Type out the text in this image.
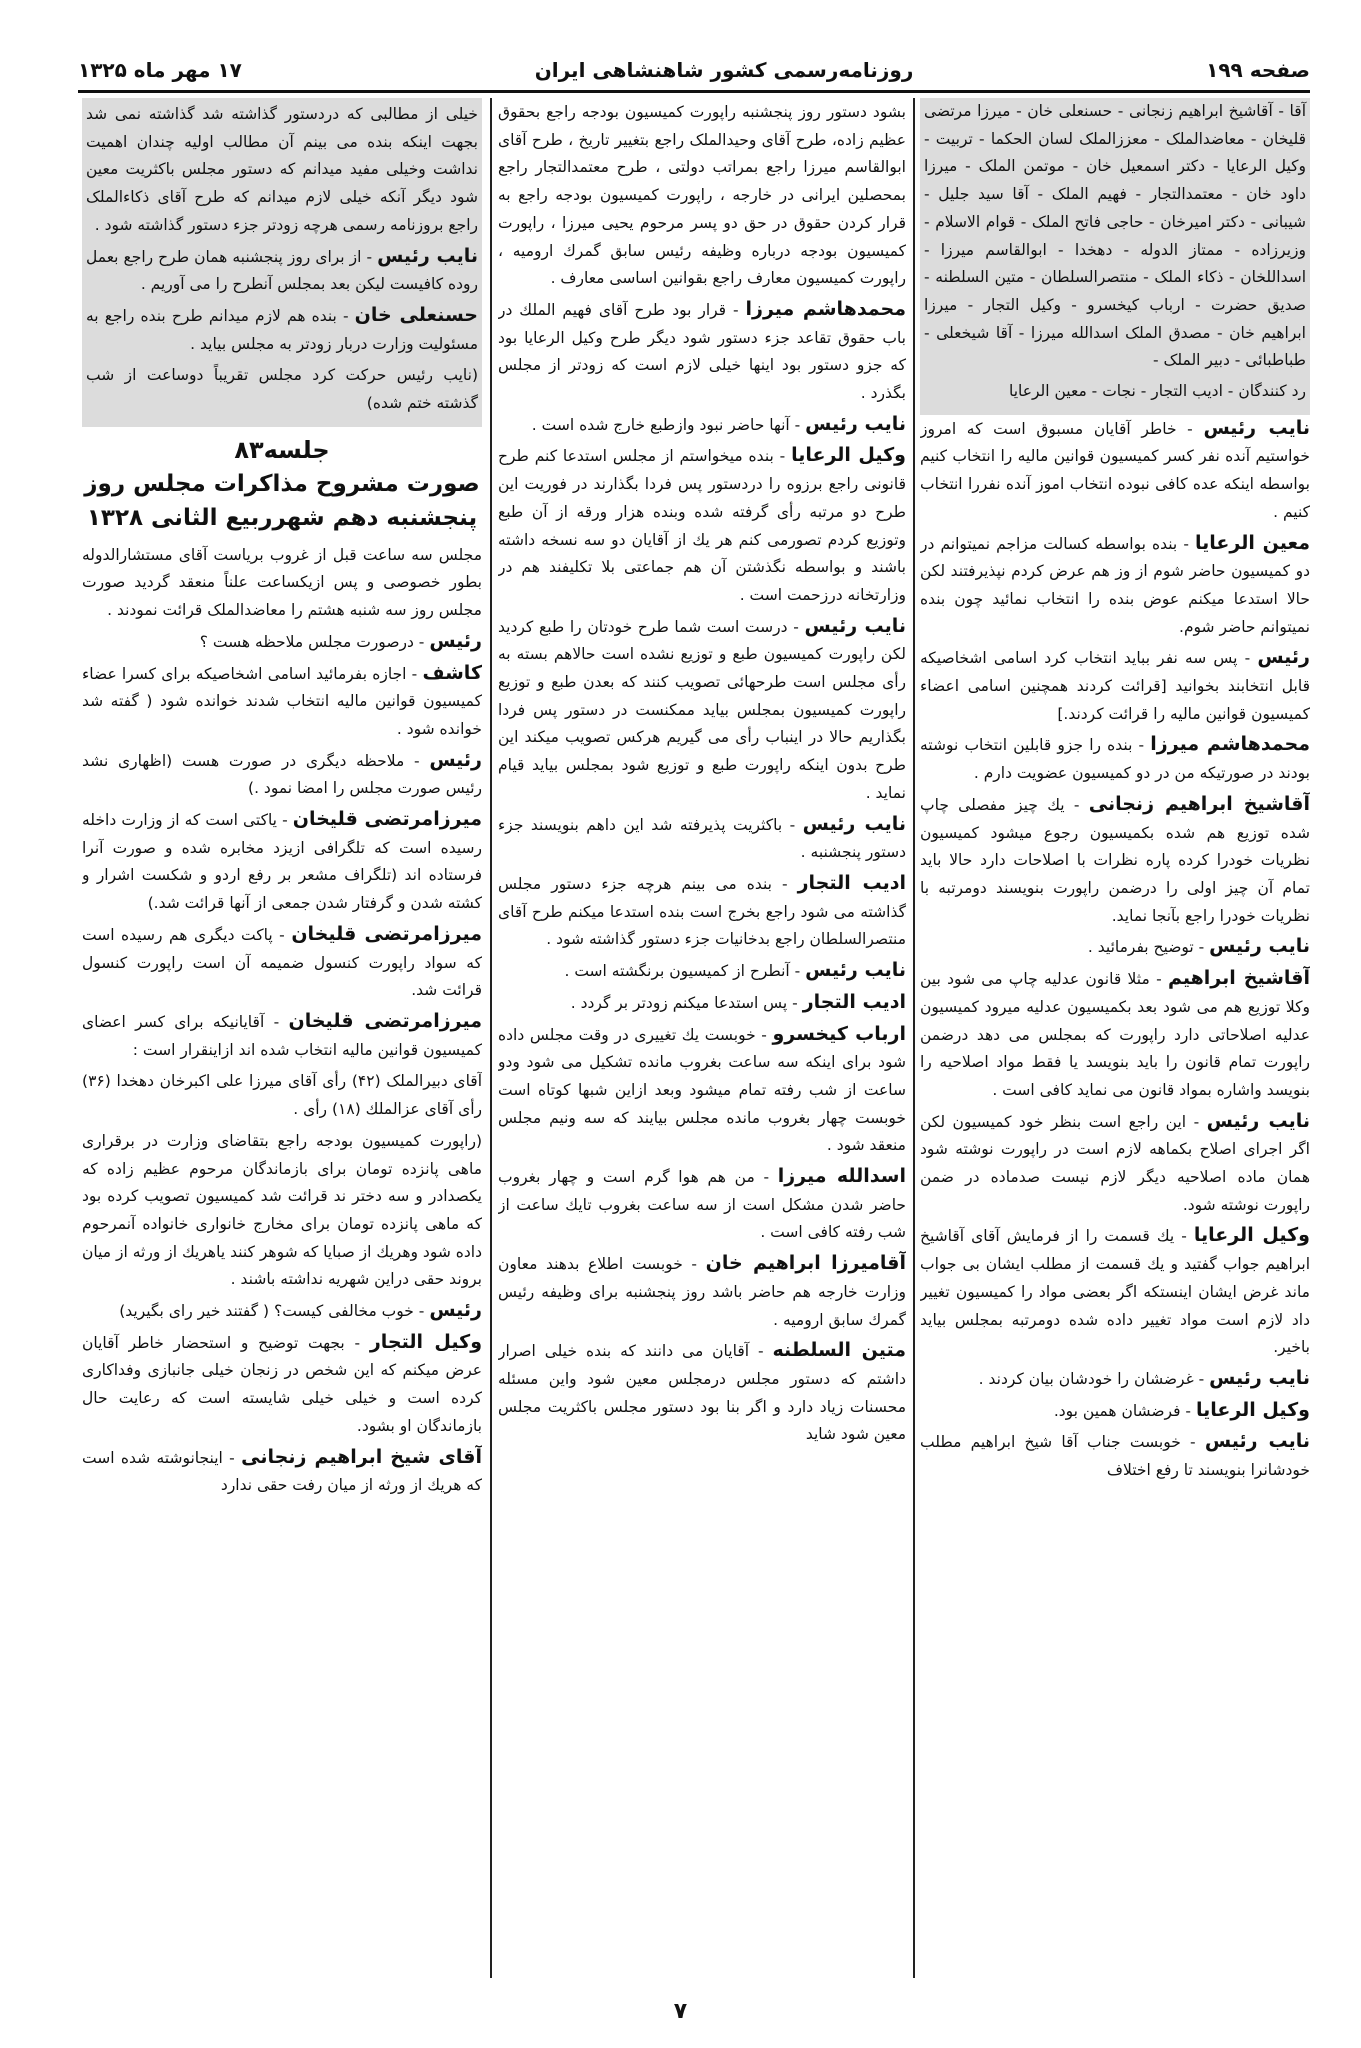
صفحه ۱۹۹
روزنامه‌رسمی کشور شاهنشاهی ایران
۱۷ مهر ماه ۱۳۲۵

آقا - آقاشیخ ابراهیم زنجانی - حسنعلی خان - میرزا مرتضی قلیخان - معاضدالملک - معززالملک لسان الحکما - تربیت - وکیل الرعایا - دکتر اسمعیل خان - موتمن الملک - میرزا داود خان - معتمدالتجار - فهیم الملک - آقا سید جلیل - شیبانی - دکتر امیرخان - حاجی فاتح الملک - قوام الاسلام - وزیرزاده - ممتاز الدوله - دهخدا - ابوالقاسم میرزا - اسداللخان - ذکاء الملک - منتصرالسلطان - متین السلطنه - صدیق حضرت - ارباب کیخسرو - وکیل التجار - میرزا ابراهیم خان - مصدق الملک اسدالله میرزا - آقا شیخعلی - طباطبائی - دبیر الملک -

رد کنندگان - ادیب التجار - نجات - معین الرعایا

نایب رئیس - خاطر آقایان مسبوق است که امروز خواستیم آنده نفر کسر کمیسیون قوانین مالیه را انتخاب کنیم بواسطه اینکه عده کافی نبوده انتخاب اموز آنده نفررا انتخاب کنیم .

معین الرعایا - بنده بواسطه کسالت مزاجم نمیتوانم در دو کمیسیون حاضر شوم از وز هم عرض کردم نپذیرفتند لکن حالا استدعا میکنم عوض بنده را انتخاب نمائید چون بنده نمیتوانم حاضر شوم.

رئیس - پس سه نفر بباید انتخاب کرد اسامی اشخاصیکه قابل انتخابند بخوانید [قرائت کردند همچنین اسامی اعضاء کمیسیون قوانین مالیه را قرائت کردند.]

محمدهاشم میرزا - بنده را جزو قابلین انتخاب نوشته بودند در صورتیکه من در دو کمیسیون عضویت دارم .

آقاشیخ ابراهیم زنجانی - یك چیز مفصلی چاپ شده توزیع هم شده بکمیسیون رجوع میشود کمیسیون نظریات خودرا کرده پاره نظرات با اصلاحات دارد حالا باید تمام آن چیز اولی را درضمن راپورت بنویسند دومرتبه با نظریات خودرا راجع بآنجا نماید.

نایب رئیس - توضیح بفرمائید .

آقاشیخ ابراهیم - مثلا قانون عدلیه چاپ می شود بین وکلا توزیع هم می شود بعد بکمیسیون عدلیه میرود کمیسیون عدلیه اصلاحاتی دارد راپورت که بمجلس می دهد درضمن راپورت تمام قانون را باید بنویسد یا فقط مواد اصلاحیه را بنویسد واشاره بمواد قانون می نماید کافی است .

نایب رئیس - این راجع است بنظر خود کمیسیون لکن اگر اجرای اصلاح بکماهه لازم است در راپورت نوشته شود همان ماده اصلاحیه دیگر لازم نیست صدماده در ضمن راپورت نوشته شود.

وکیل الرعایا - یك قسمت را از فرمایش آقای آقاشیخ ابراهیم جواب گفتید و یك قسمت از مطلب ایشان بی جواب ماند غرض ایشان اینستکه اگر بعضی مواد را کمیسیون تغییر داد لازم است مواد تغییر داده شده دومرتبه بمجلس بیاید باخیر.

نایب رئیس - غرضشان را خودشان بیان کردند .

وکیل الرعایا - فرضشان همین بود.

نایب رئیس - خوبست جناب آقا شیخ ابراهیم مطلب خودشانرا بنویسند تا رفع اختلاف

بشود دستور روز پنجشنبه راپورت کمیسیون بودجه راجع بحقوق عظیم زاده، طرح آقای وحیدالملک راجع بتغییر تاریخ ، طرح آقای ابوالقاسم میرزا راجع بمراتب دولتی ، طرح معتمدالتجار راجع بمحصلین ایرانی در خارجه ، راپورت کمیسیون بودجه راجع به قرار کردن حقوق در حق دو پسر مرحوم یحیی میرزا ، راپورت کمیسیون بودجه درباره وظیفه رئیس سابق گمرك ارومیه ، راپورت کمیسیون معارف راجع بقوانین اساسی معارف .

محمدهاشم میرزا - قرار بود طرح آقای فهیم الملك در باب حقوق تقاعد جزء دستور شود دیگر طرح وکیل الرعایا بود که جزو دستور بود اینها خیلی لازم است که زودتر از مجلس بگذرد .

نایب رئیس - آنها حاضر نبود وازطبع خارج شده است .

وکیل الرعایا - بنده میخواستم از مجلس استدعا کنم طرح قانونی راجع برزوه را دردستور پس فردا بگذارند در فوریت این طرح دو مرتبه رأی گرفته شده وبنده هزار ورقه از آن طبع وتوزیع کردم تصورمی کنم هر یك از آقایان دو سه نسخه داشته باشند و بواسطه نگذشتن آن هم جماعتی بلا تکلیفند هم در وزارتخانه درزحمت است .

نایب رئیس - درست است شما طرح خودتان را طبع کردید لکن راپورت کمیسیون طبع و توزیع نشده است حالاهم بسته به رأی مجلس است طرحهائی تصویب کنند که بعدن طبع و توزیع راپورت کمیسیون بمجلس بیاید ممکنست در دستور پس فردا بگذاریم حالا در اینباب رأی می گیریم هرکس تصویب میکند این طرح بدون اینکه راپورت طبع و توزیع شود بمجلس بیاید قیام نماید .

نایب رئیس - باکثریت پذیرفته شد این داهم بنویسند جزء دستور پنجشنبه .

ادیب التجار - بنده می بینم هرچه جزء دستور مجلس گذاشته می شود راجع بخرج است بنده استدعا میکنم طرح آقای منتصرالسلطان راجع بدخانیات جزء دستور گذاشته شود .

نایب رئیس - آنطرح از کمیسیون برنگشته است .

ادیب التجار - پس استدعا میکنم زودتر بر گردد .

ارباب کیخسرو - خوبست یك تغییری در وقت مجلس داده شود برای اینکه سه ساعت بغروب مانده تشکیل می شود ودو ساعت از شب رفته تمام میشود وبعد ازاین شبها کوتاه است خوبست چهار بغروب مانده مجلس بیایند که سه ونیم مجلس منعقد شود .

اسدالله میرزا - من هم هوا گرم است و چهار بغروب حاضر شدن مشکل است از سه ساعت بغروب تایك ساعت از شب رفته کافی است .

آقامیرزا ابراهیم خان - خوبست اطلاع بدهند معاون وزارت خارجه هم حاضر باشد روز پنجشنبه برای وظیفه رئیس گمرك سابق ارومیه .

متین السلطنه - آقایان می دانند که بنده خیلی اصرار داشتم که دستور مجلس درمجلس معین شود واین مسئله محسنات زیاد دارد و اگر بنا بود دستور مجلس باکثریت مجلس معین شود شاید

خیلی از مطالبی که دردستور گذاشته شد گذاشته نمی شد بجهت اینکه بنده می بینم آن مطالب اولیه چندان اهمیت نداشت وخیلی مفید میدانم که دستور مجلس باکثریت معین شود دیگر آنکه خیلی لازم میدانم که طرح آقای ذکاءالملک راجع بروزنامه رسمی هرچه زودتر جزء دستور گذاشته شود .

نایب رئیس - از برای روز پنجشنبه همان طرح راجع بعمل روده کافیست لیکن بعد بمجلس آنطرح را می آوریم .

حسنعلی خان - بنده هم لازم میدانم طرح بنده راجع به مسئولیت وزارت دربار زودتر به مجلس بیاید .

(نایب رئیس حرکت کرد مجلس تقریباً دوساعت از شب گذشته ختم شده)

جلسه۸۳
صورت مشروح مذاکرات مجلس روز پنجشنبه دهم شهرربیع الثانی ۱۳۲۸

مجلس سه ساعت قبل از غروب بریاست آقای مستشارالدوله بطور خصوصی و پس ازیکساعت علناً منعقد گردید صورت مجلس روز سه شنبه هشتم را معاضدالملک قرائت نمودند .

رئیس - درصورت مجلس ملاحظه هست ؟

کاشف - اجازه بفرمائید اسامی اشخاصیکه برای کسرا عضاء کمیسیون قوانین مالیه انتخاب شدند خوانده شود ( گفته شد خوانده شود .

رئیس - ملاحظه دیگری در صورت هست (اظهاری نشد رئیس صورت مجلس را امضا نمود .)

میرزامرتضی قلیخان - یاکتی است که از وزارت داخله رسیده است که تلگرافی ازیزد مخابره شده و صورت آنرا فرستاده اند (تلگراف مشعر بر رفع اردو و شکست اشرار و کشته شدن و گرفتار شدن جمعی از آنها قرائت شد.)

میرزامرتضی قلیخان - پاکت دیگری هم رسیده است که سواد راپورت کنسول ضمیمه آن است راپورت کنسول قرائت شد.

میرزامرتضی قلیخان - آقایانیکه برای کسر اعضای کمیسیون قوانین مالیه انتخاب شده اند ازاینقرار است :

آقای دبیرالملک (۴۲) رأی آقای میرزا علی اکبرخان دهخدا (۳۶) رأی آقای عزالملك (۱۸) رأی .

(راپورت کمیسیون بودجه راجع بتقاضای وزارت در برقراری ماهی پانزده تومان برای بازماندگان مرحوم عظیم زاده که یکصدادر و سه دختر ند قرائت شد کمیسیون تصویب کرده بود که ماهی پانزده تومان برای مخارج خانواری خانواده آنمرحوم داده شود وهریك از صبایا که شوهر کنند یاهریك از ورثه از میان بروند حقی دراین شهریه نداشته باشند .

رئیس - خوب مخالفی کیست؟ ( گفتند خیر رای بگیرید)

وکیل التجار - بجهت توضیح و استحضار خاطر آقایان عرض میکنم که این شخص در زنجان خیلی جانبازی وفداکاری کرده است و خیلی خیلی شایسته است که رعایت حال بازماندگان او بشود.

آقای شیخ ابراهیم زنجانی - اینجانوشته شده است که هریك از ورثه از میان رفت حقی ندارد

۷
